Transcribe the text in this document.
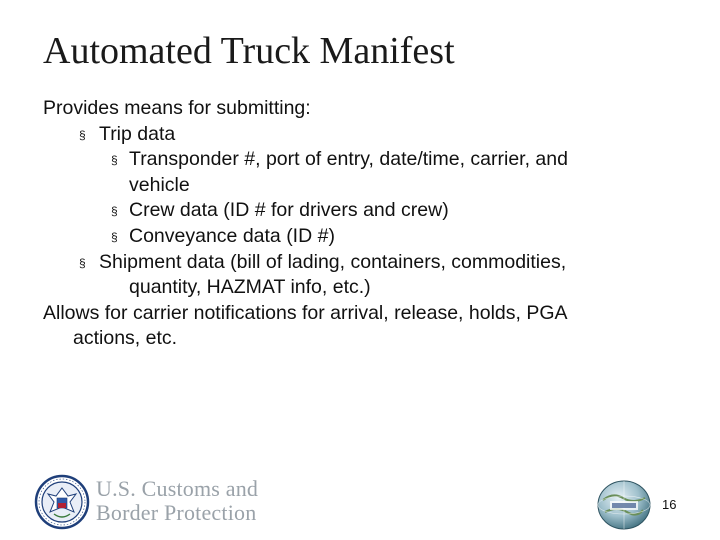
Automated Truck Manifest
Provides means for submitting:
§ Trip data
§ Transponder #, port of entry, date/time, carrier, and
vehicle
§ Crew data (ID # for drivers and crew)
§ Conveyance data (ID #)
§ Shipment data (bill of lading, containers, commodities,
quantity, HAZMAT info, etc.)
Allows for carrier notifications for arrival, release, holds, PGA
actions, etc.
U.S. Customs and
Border Protection	16
